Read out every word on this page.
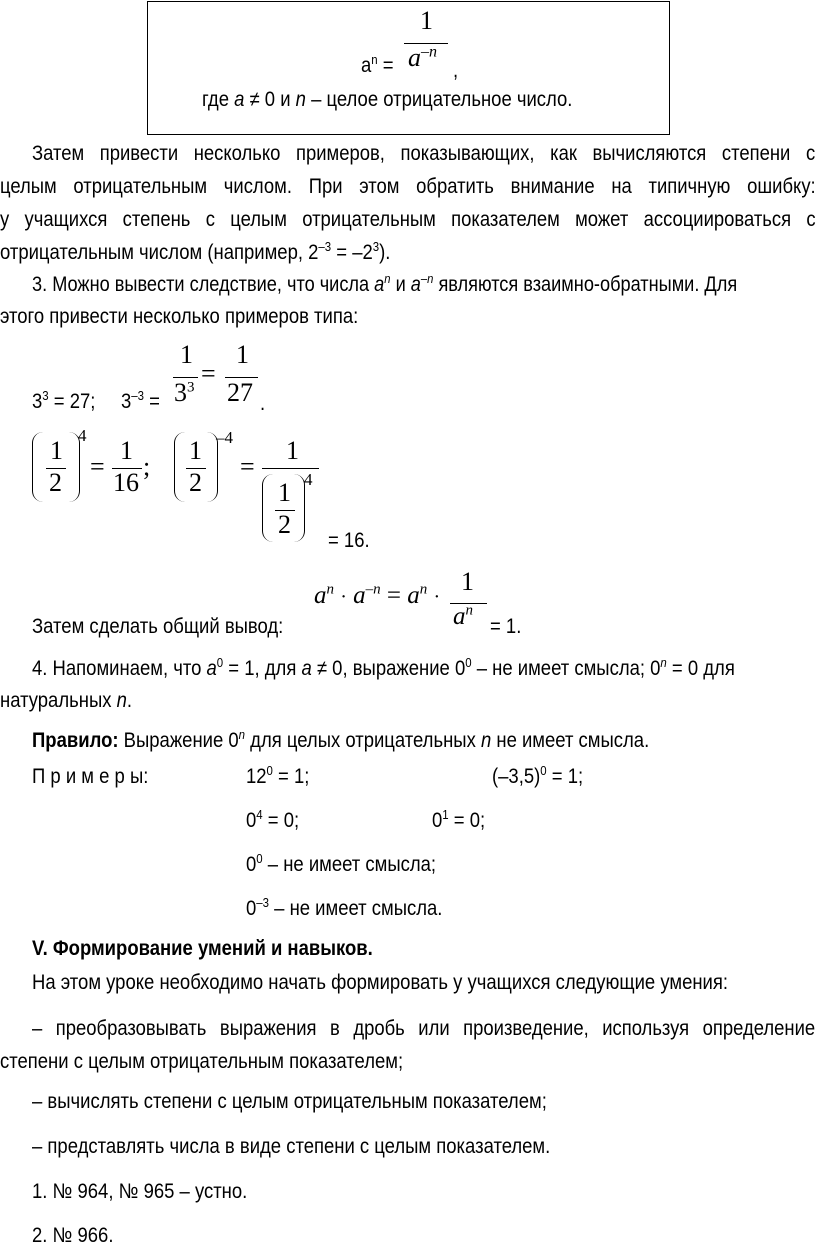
1
$a^{-n}$
$a^n$ =	,
где a ≠ 0 и n – целое отрицательное число.
Затем привести несколько примеров, показывающих, как вычисляются степени с
целым отрицательным числом. При этом обратить внимание на типичную ошибку:
у учащихся степень с целым отрицательным показателем может ассоциироваться с
отрицательным числом (например, $2^{-3} = -2^3$).
3. Можно вывести следствие, что числа $a^n$ и $a^{-n}$ являются взаимно-обратными. Для
этого привести несколько примеров типа:
$3^3 = 27$; $3^{-3}$ =
1
$3^3$ =
1
27 .
1
2
4
=
1
16
;
1
2
–4
=
1
1
2
4
= 16.
$a^n \cdot a^{-n} = a^n$ ·
1
$a^n$
Затем сделать общий вывод:	= 1.
4. Напоминаем, что $a^0 = 1$, для a ≠ 0, выражение $0^0$ – не имеет смысла; $0^n = 0$ для
натуральных n.
Правило: Выражение 0$^n$ для целых отрицательных n не имеет смысла.
П р и м е р ы:	$12^0 = 1$;	$(-3,5)^0 = 1$;
$0^4 = 0$;	$0^1 = 0$;
$0^0$ – не имеет смысла;
$0^{-3}$ – не имеет смысла.
V. Формирование умений и навыков.
На этом уроке необходимо начать формировать у учащихся следующие умения:
– преобразовывать выражения в дробь или произведение, используя определение
степени с целым отрицательным показателем;
– вычислять степени с целым отрицательным показателем;
– представлять числа в виде степени с целым показателем.
1. № 964, № 965 – устно.
2. № 966.
